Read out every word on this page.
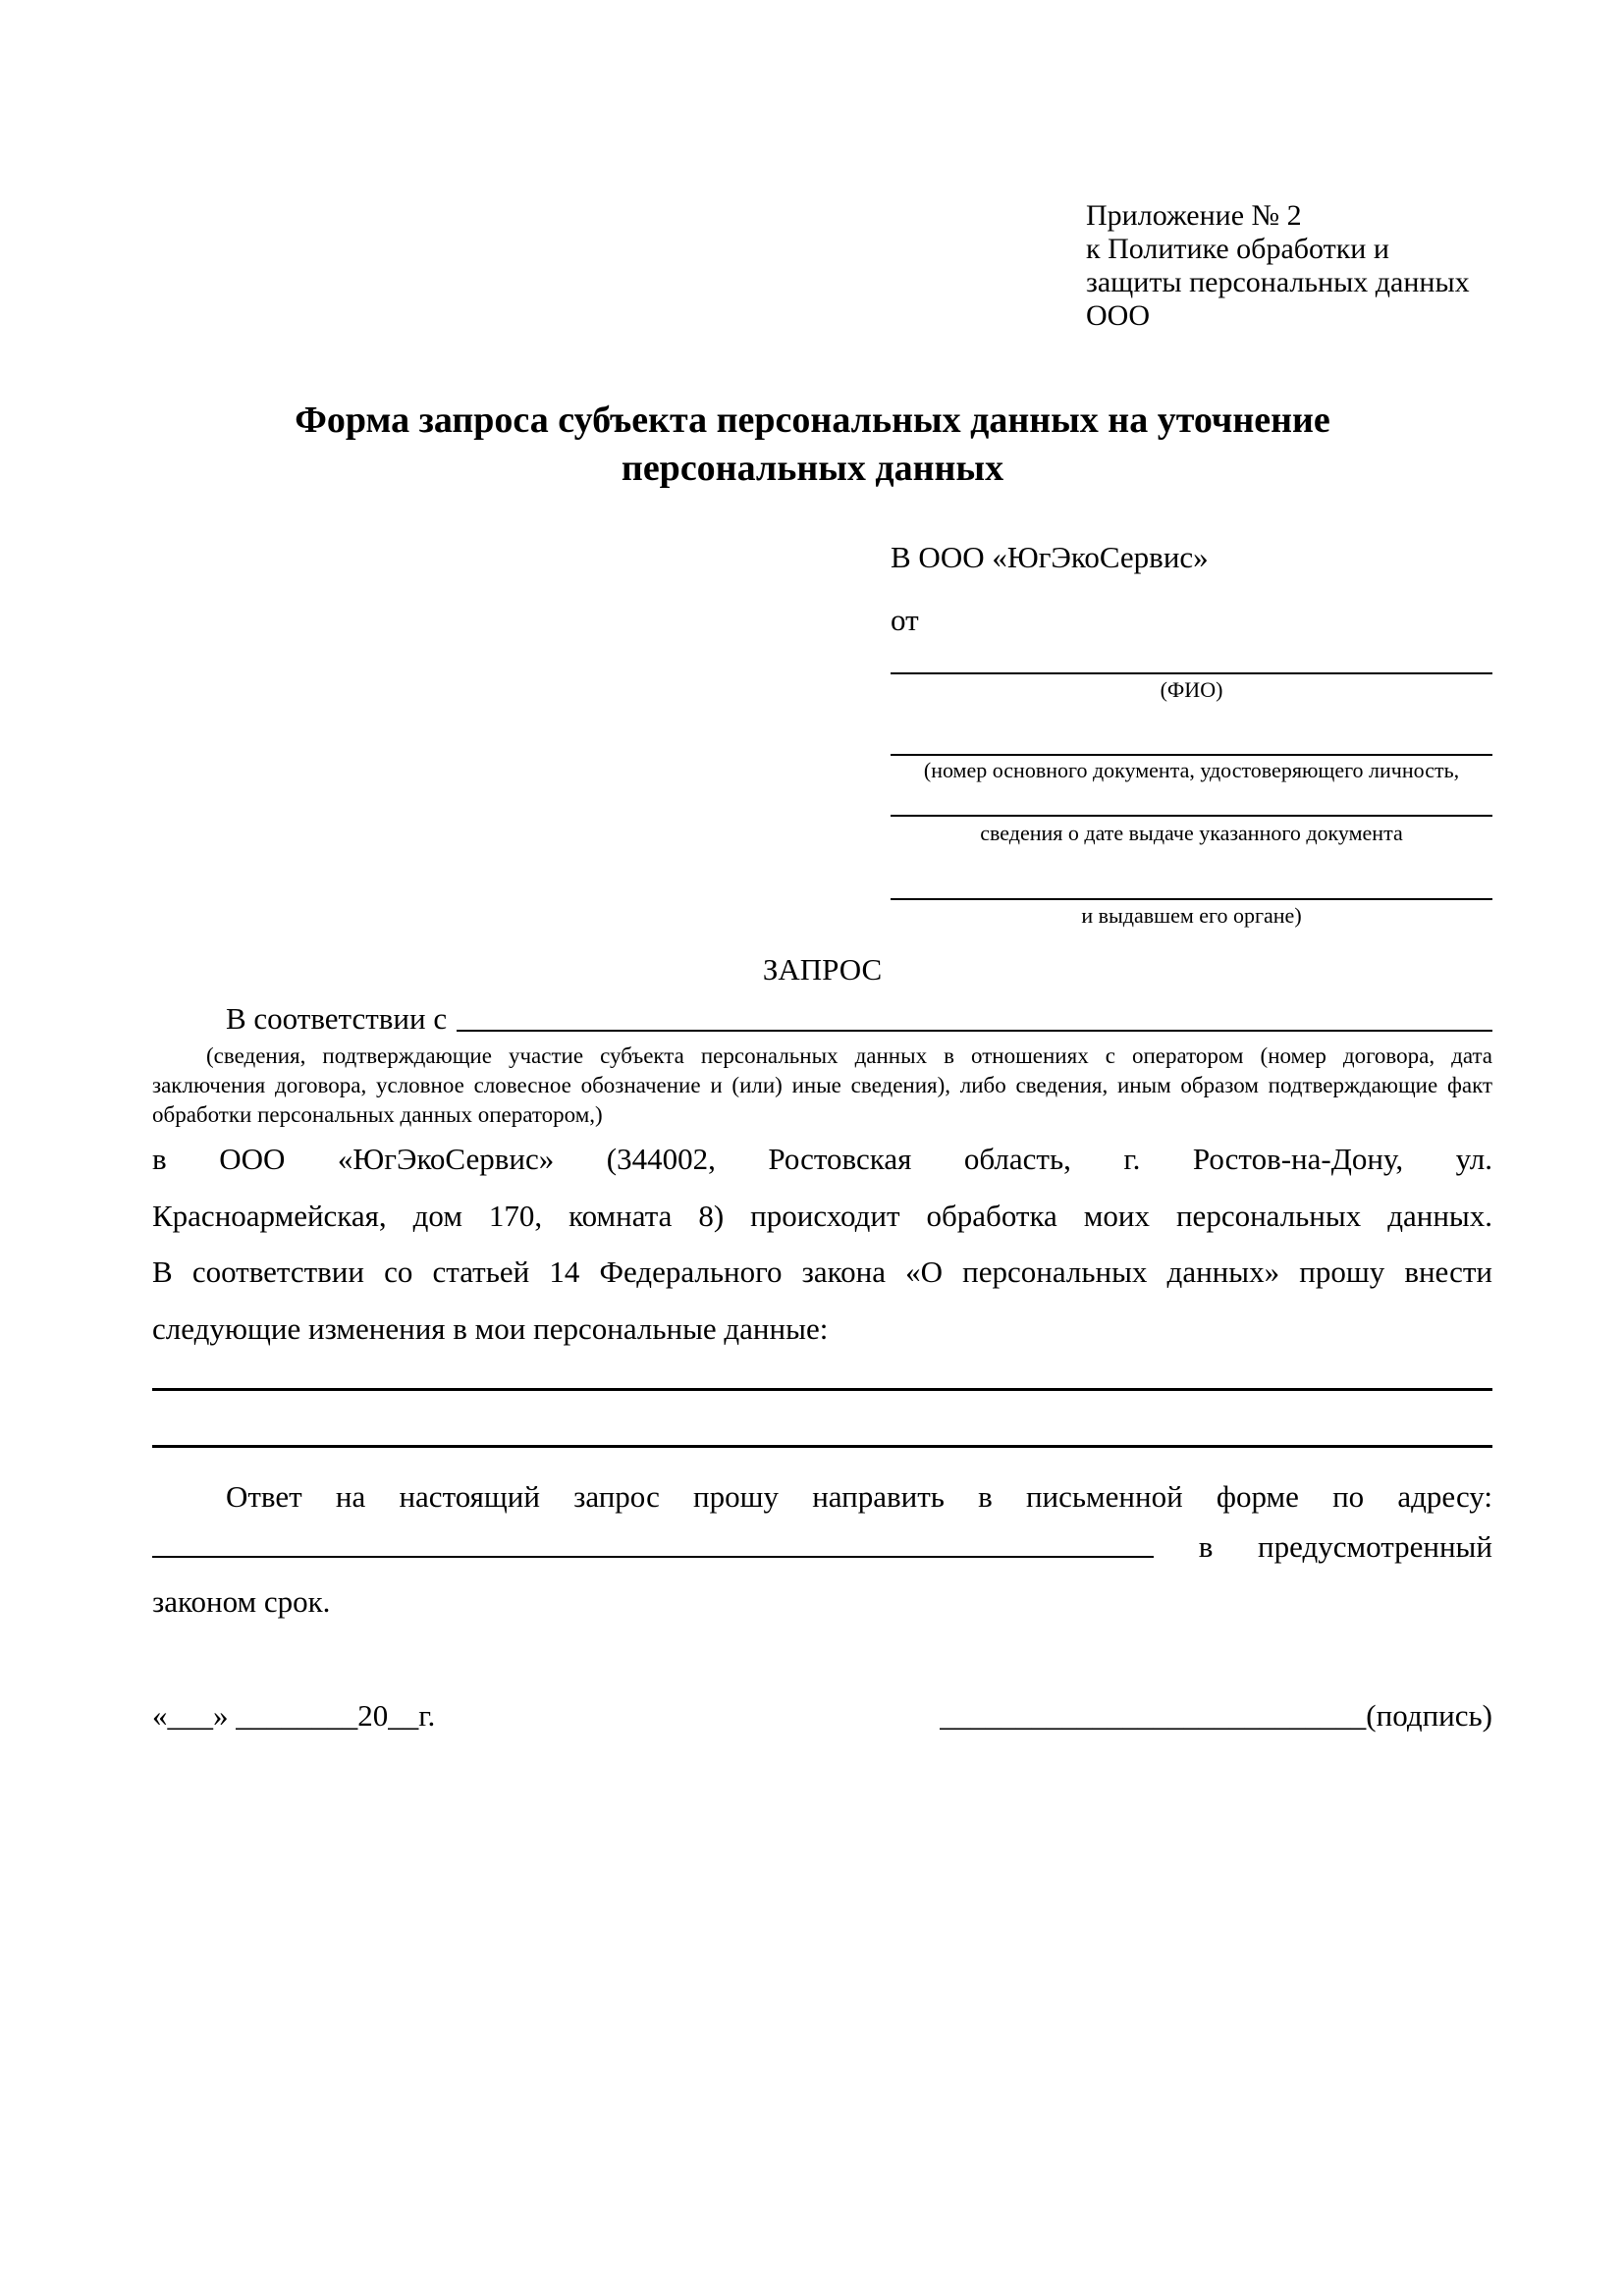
Приложение № 2
к Политике обработки и
защиты персональных данных
ООО
Форма запроса субъекта персональных данных на уточнение
персональных данных
В ООО «ЮгЭкоСервис»
от
(ФИО)
(номер основного документа, удостоверяющего личность,
сведения о дате выдаче указанного документа
и выдавшем его органе)
ЗАПРОС
В соответствии с
(сведения, подтверждающие участие субъекта персональных данных в отношениях с оператором (номер договора, дата
заключения договора, условное словесное обозначение и (или) иные сведения), либо сведения, иным образом подтверждающие факт
обработки персональных данных оператором,)
в ООО «ЮгЭкоСервис» (344002, Ростовская область, г. Ростов-на-Дону, ул.
Красноармейская, дом 170, комната 8) происходит обработка моих персональных данных.
В соответствии со статьей 14 Федерального закона «О персональных данных» прошу внести
следующие изменения в мои персональные данные:
Ответ на настоящий запрос прошу направить в письменной форме по адресу:
в предусмотренный
законом срок.
«___» ________20__г.	____________________________(подпись)
